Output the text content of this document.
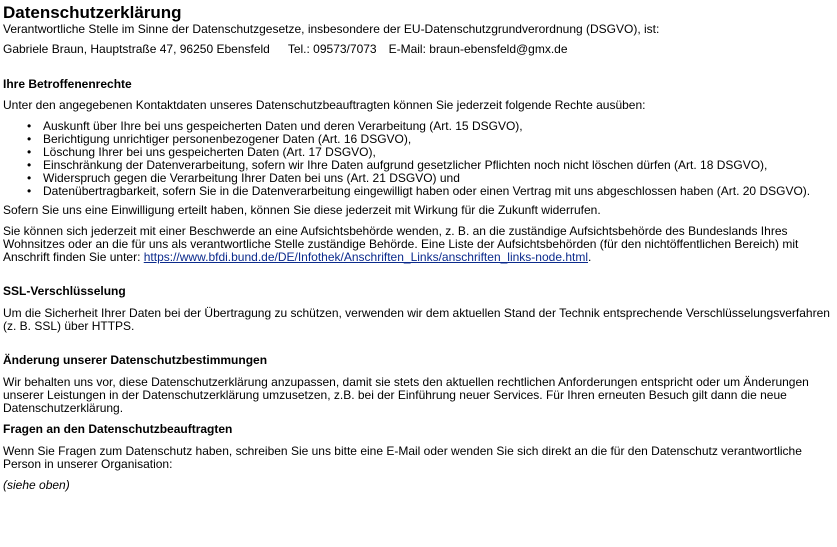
Datenschutzerklärung

Verantwortliche Stelle im Sinne der Datenschutzgesetze, insbesondere der EU-Datenschutzgrundverordnung (DSGVO), ist:

Gabriele Braun, Hauptstraße 47, 96250 Ebensfeld Tel.: 09573/7073 E-Mail: braun-ebensfeld@gmx.de

Ihre Betroffenenrechte

Unter den angegebenen Kontaktdaten unseres Datenschutzbeauftragten können Sie jederzeit folgende Rechte ausüben:

• Auskunft über Ihre bei uns gespeicherten Daten und deren Verarbeitung (Art. 15 DSGVO),
• Berichtigung unrichtiger personenbezogener Daten (Art. 16 DSGVO),
• Löschung Ihrer bei uns gespeicherten Daten (Art. 17 DSGVO),
• Einschränkung der Datenverarbeitung, sofern wir Ihre Daten aufgrund gesetzlicher Pflichten noch nicht löschen dürfen (Art. 18 DSGVO),
• Widerspruch gegen die Verarbeitung Ihrer Daten bei uns (Art. 21 DSGVO) und
• Datenübertragbarkeit, sofern Sie in die Datenverarbeitung eingewilligt haben oder einen Vertrag mit uns abgeschlossen haben (Art. 20 DSGVO).

Sofern Sie uns eine Einwilligung erteilt haben, können Sie diese jederzeit mit Wirkung für die Zukunft widerrufen.

Sie können sich jederzeit mit einer Beschwerde an eine Aufsichtsbehörde wenden, z. B. an die zuständige Aufsichtsbehörde des Bundeslands Ihres Wohnsitzes oder an die für uns als verantwortliche Stelle zuständige Behörde. Eine Liste der Aufsichtsbehörden (für den nichtöffentlichen Bereich) mit Anschrift finden Sie unter: https://www.bfdi.bund.de/DE/Infothek/Anschriften_Links/anschriften_links-node.html.

SSL-Verschlüsselung

Um die Sicherheit Ihrer Daten bei der Übertragung zu schützen, verwenden wir dem aktuellen Stand der Technik entsprechende Verschlüsselungsverfahren (z. B. SSL) über HTTPS.

Änderung unserer Datenschutzbestimmungen

Wir behalten uns vor, diese Datenschutzerklärung anzupassen, damit sie stets den aktuellen rechtlichen Anforderungen entspricht oder um Änderungen unserer Leistungen in der Datenschutzerklärung umzusetzen, z.B. bei der Einführung neuer Services. Für Ihren erneuten Besuch gilt dann die neue Datenschutzerklärung.

Fragen an den Datenschutzbeauftragten

Wenn Sie Fragen zum Datenschutz haben, schreiben Sie uns bitte eine E-Mail oder wenden Sie sich direkt an die für den Datenschutz verantwortliche Person in unserer Organisation:

(siehe oben)
